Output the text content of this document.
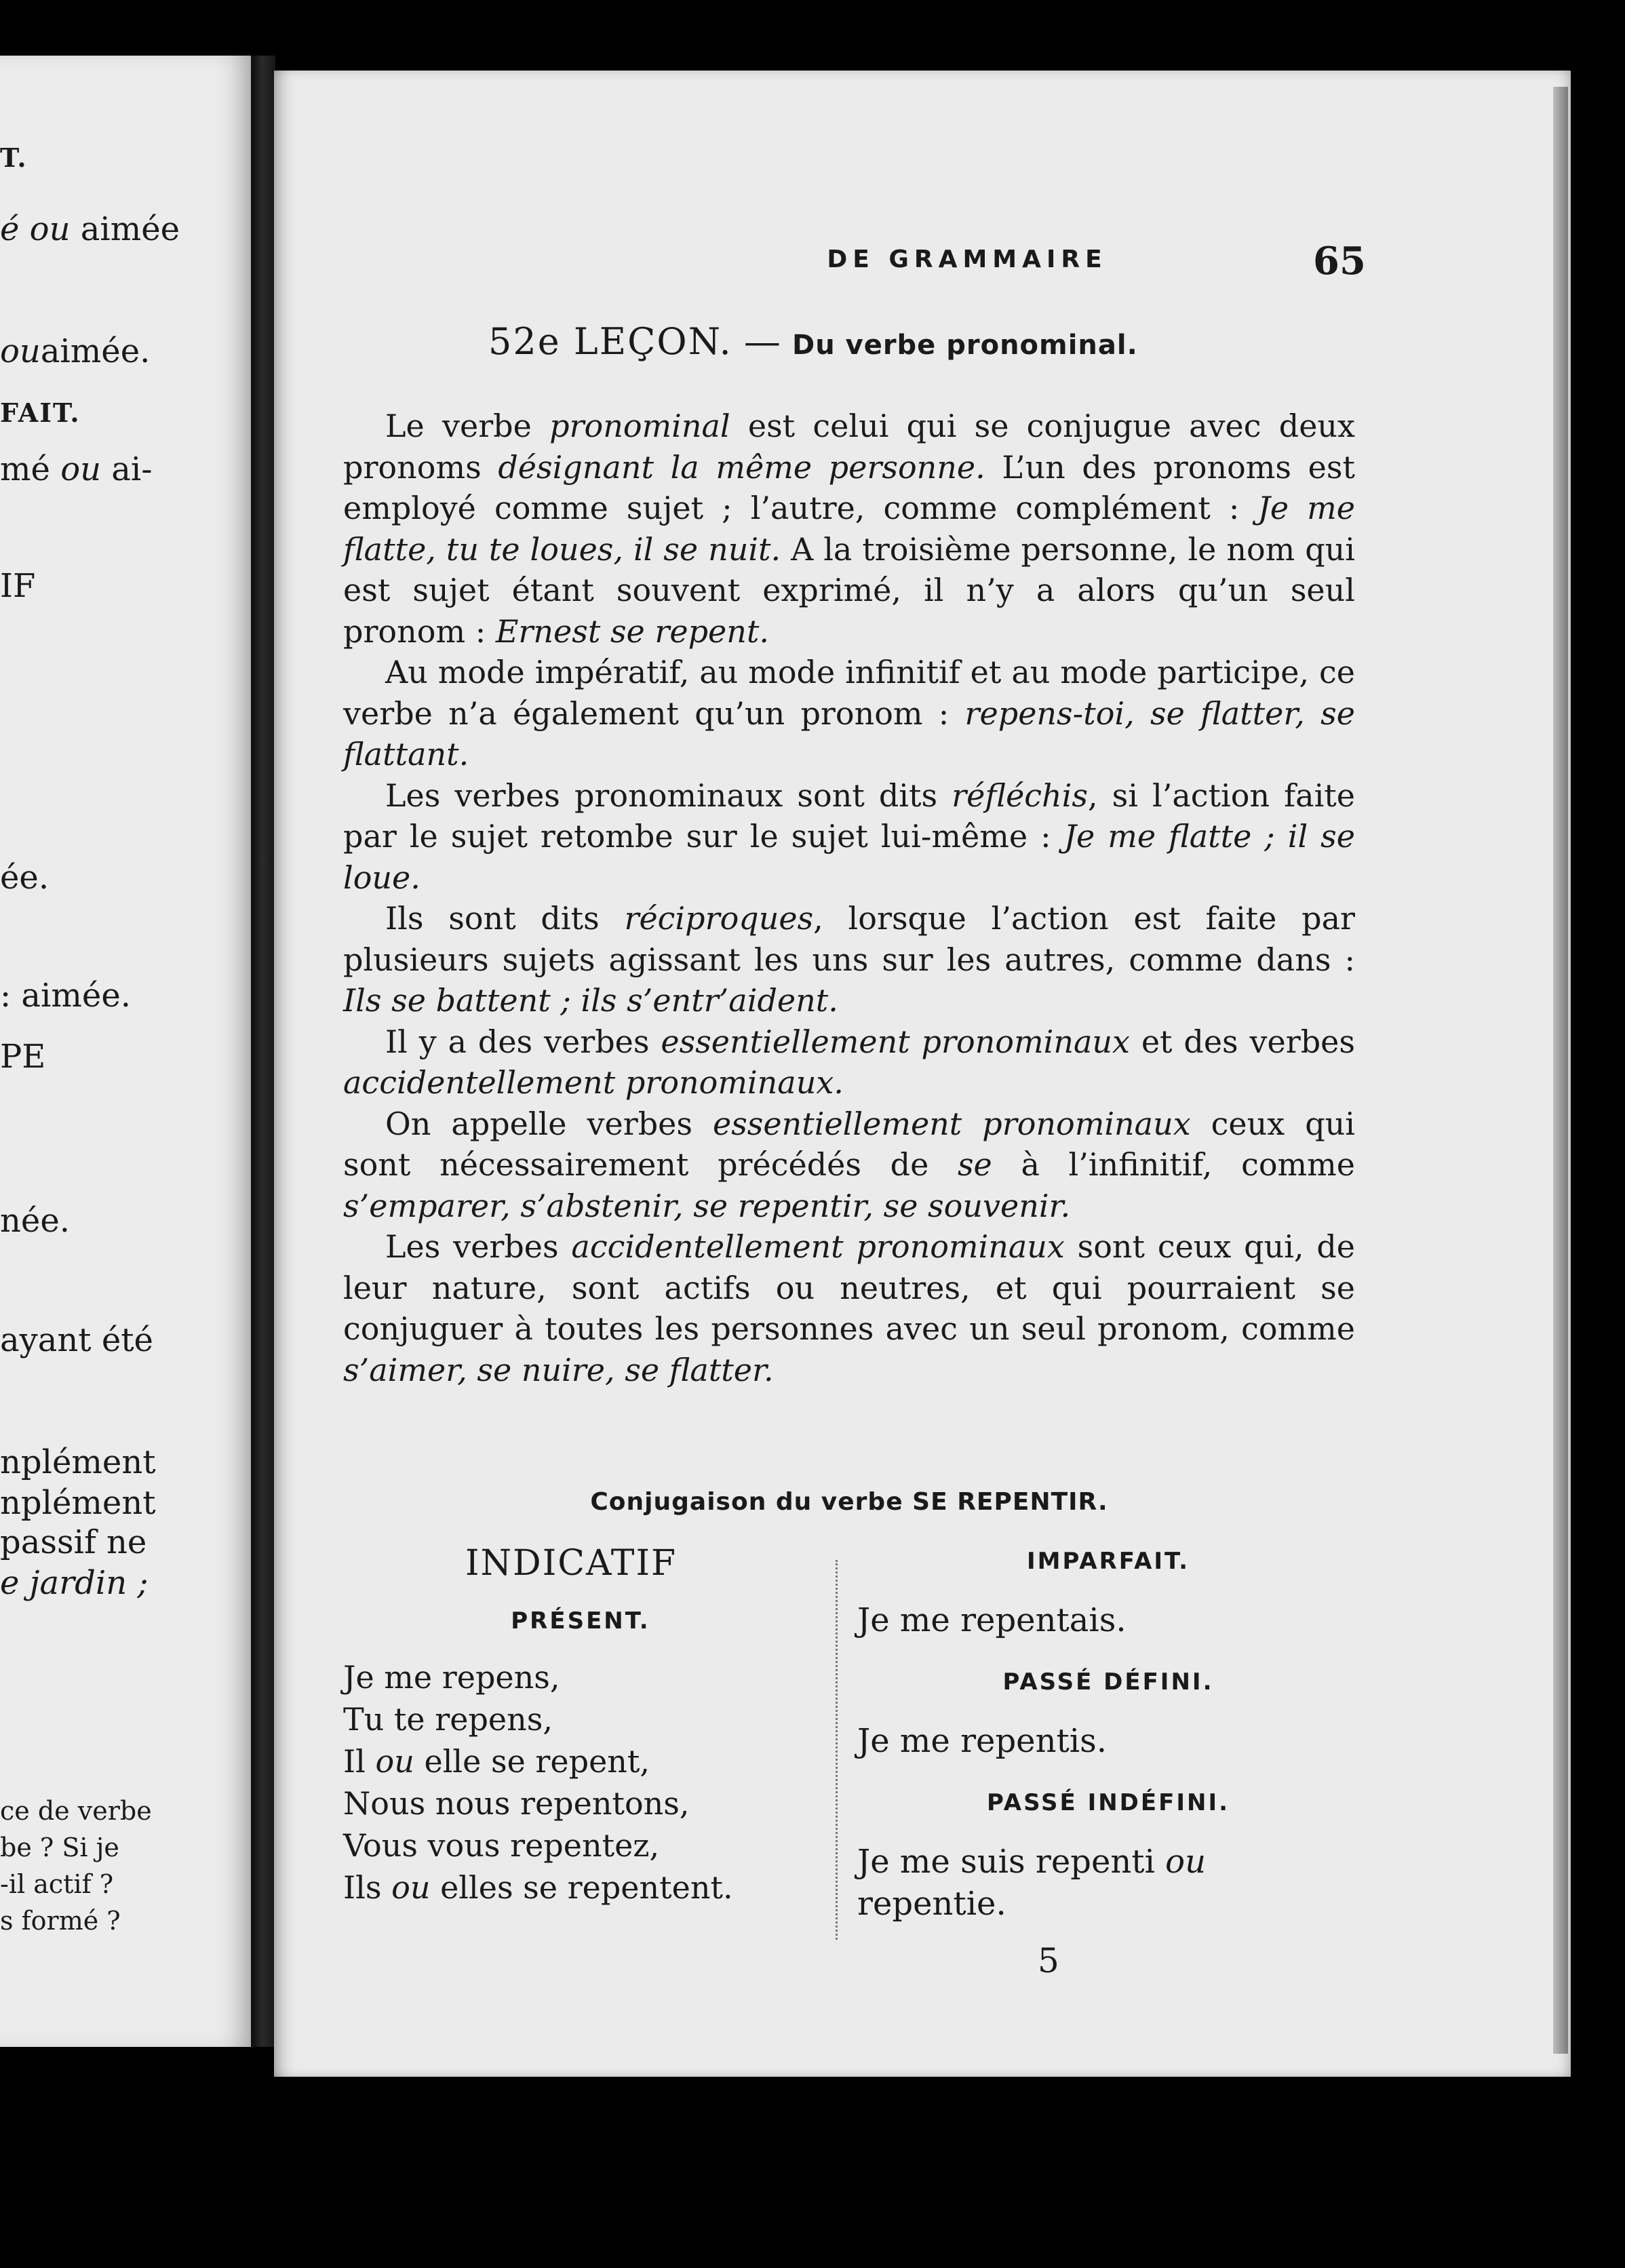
T.
é ou aimée
ouaimée.
FAIT.
mé ou ai-
IF
ée.
: aimée.
PE
née.
ayant été
nplément
nplément
passif ne
e jardin ;
ce de verbe
be ? Si je
-il actif ?
s formé ?
DE GRAMMAIRE	65
52e LEÇON. — Du verbe pronominal.

Le verbe pronominal est celui qui se conjugue avec deux pronoms désignant la même personne. L’un des pronoms est employé comme sujet ; l’autre, comme complément : Je me flatte, tu te loues, il se nuit. A la troisième personne, le nom qui est sujet étant souvent exprimé, il n’y a alors qu’un seul pronom : Ernest se repent.

Au mode impératif, au mode infinitif et au mode participe, ce verbe n’a également qu’un pronom : repens-toi, se flatter, se flattant.

Les verbes pronominaux sont dits réfléchis, si l’action faite par le sujet retombe sur le sujet lui-même : Je me flatte ; il se loue.

Ils sont dits réciproques, lorsque l’action est faite par plusieurs sujets agissant les uns sur les autres, comme dans : Ils se battent ; ils s’entr’aident.

Il y a des verbes essentiellement pronominaux et des verbes accidentellement pronominaux.

On appelle verbes essentiellement pronominaux ceux qui sont nécessairement précédés de se à l’infinitif, comme s’emparer, s’abstenir, se repentir, se souvenir.

Les verbes accidentellement pronominaux sont ceux qui, de leur nature, sont actifs ou neutres, et qui pourraient se conjuguer à toutes les personnes avec un seul pronom, comme s’aimer, se nuire, se flatter.

Conjugaison du verbe SE REPENTIR.

INDICATIF

PRÉSENT.

Je me repens,
Tu te repens,
Il ou elle se repent,
Nous nous repentons,
Vous vous repentez,
Ils ou elles se repentent.

IMPARFAIT.

Je me repentais.

PASSÉ DÉFINI.

Je me repentis.

PASSÉ INDÉFINI.

Je me suis repenti ou repentie.

5
